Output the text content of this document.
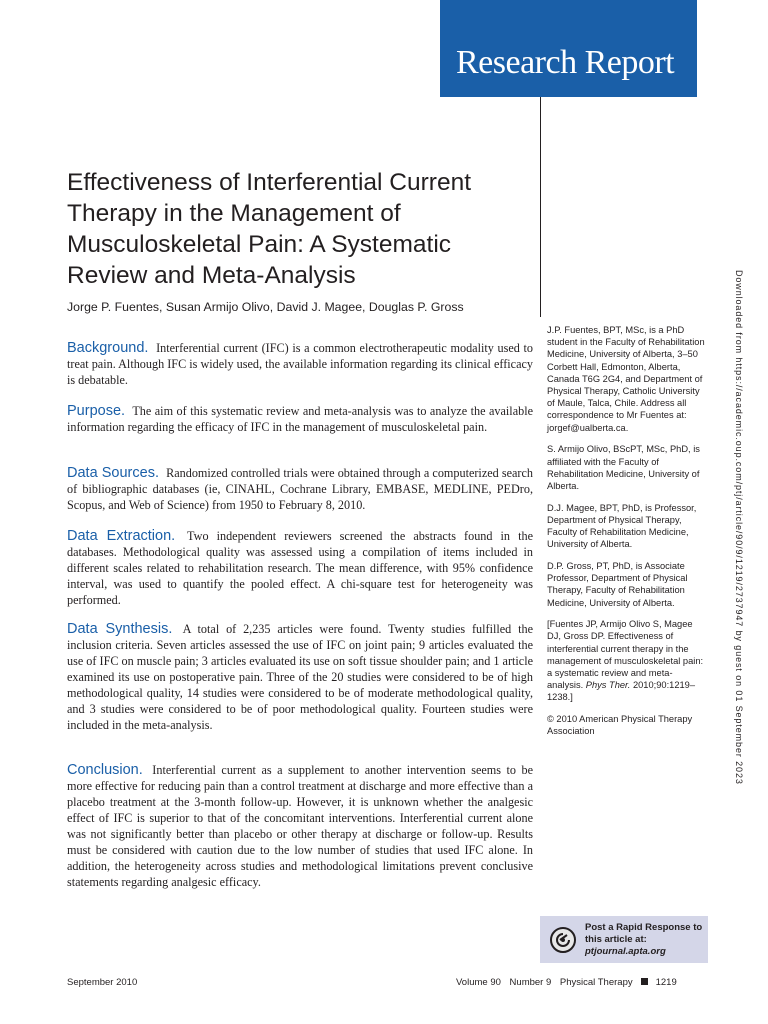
Research Report
Effectiveness of Interferential Current Therapy in the Management of Musculoskeletal Pain: A Systematic Review and Meta-Analysis
Jorge P. Fuentes, Susan Armijo Olivo, David J. Magee, Douglas P. Gross
Background. Interferential current (IFC) is a common electrotherapeutic modality used to treat pain. Although IFC is widely used, the available information regarding its clinical efficacy is debatable.
Purpose. The aim of this systematic review and meta-analysis was to analyze the available information regarding the efficacy of IFC in the management of musculoskeletal pain.
Data Sources. Randomized controlled trials were obtained through a computerized search of bibliographic databases (ie, CINAHL, Cochrane Library, EMBASE, MEDLINE, PEDro, Scopus, and Web of Science) from 1950 to February 8, 2010.
Data Extraction. Two independent reviewers screened the abstracts found in the databases. Methodological quality was assessed using a compilation of items included in different scales related to rehabilitation research. The mean difference, with 95% confidence interval, was used to quantify the pooled effect. A chi-square test for heterogeneity was performed.
Data Synthesis. A total of 2,235 articles were found. Twenty studies fulfilled the inclusion criteria. Seven articles assessed the use of IFC on joint pain; 9 articles evaluated the use of IFC on muscle pain; 3 articles evaluated its use on soft tissue shoulder pain; and 1 article examined its use on postoperative pain. Three of the 20 studies were considered to be of high methodological quality, 14 studies were considered to be of moderate methodological quality, and 3 studies were considered to be of poor methodological quality. Fourteen studies were included in the meta-analysis.
Conclusion. Interferential current as a supplement to another intervention seems to be more effective for reducing pain than a control treatment at discharge and more effective than a placebo treatment at the 3-month follow-up. However, it is unknown whether the analgesic effect of IFC is superior to that of the concomitant interventions. Interferential current alone was not significantly better than placebo or other therapy at discharge or follow-up. Results must be considered with caution due to the low number of studies that used IFC alone. In addition, the heterogeneity across studies and methodological limitations prevent conclusive statements regarding analgesic efficacy.

J.P. Fuentes, BPT, MSc, is a PhD student in the Faculty of Rehabilitation Medicine, University of Alberta, 3–50 Corbett Hall, Edmonton, Alberta, Canada T6G 2G4, and Department of Physical Therapy, Catholic University of Maule, Talca, Chile. Address all correspondence to Mr Fuentes at: jorgef@ualberta.ca.

S. Armijo Olivo, BScPT, MSc, PhD, is affiliated with the Faculty of Rehabilitation Medicine, University of Alberta.

D.J. Magee, BPT, PhD, is Professor, Department of Physical Therapy, Faculty of Rehabilitation Medicine, University of Alberta.

D.P. Gross, PT, PhD, is Associate Professor, Department of Physical Therapy, Faculty of Rehabilitation Medicine, University of Alberta.

[Fuentes JP, Armijo Olivo S, Magee DJ, Gross DP. Effectiveness of interferential current therapy in the management of musculoskeletal pain: a systematic review and meta-analysis. Phys Ther. 2010;90:1219–1238.]

© 2010 American Physical Therapy Association	Downloaded from https://academic.oup.com/ptj/article/90/9/1219/2737947 by guest on 01 September 2023
Post a Rapid Response to
this article at:
ptjournal.apta.org
September 2010	Volume 90 Number 9 Physical Therapy 1219
